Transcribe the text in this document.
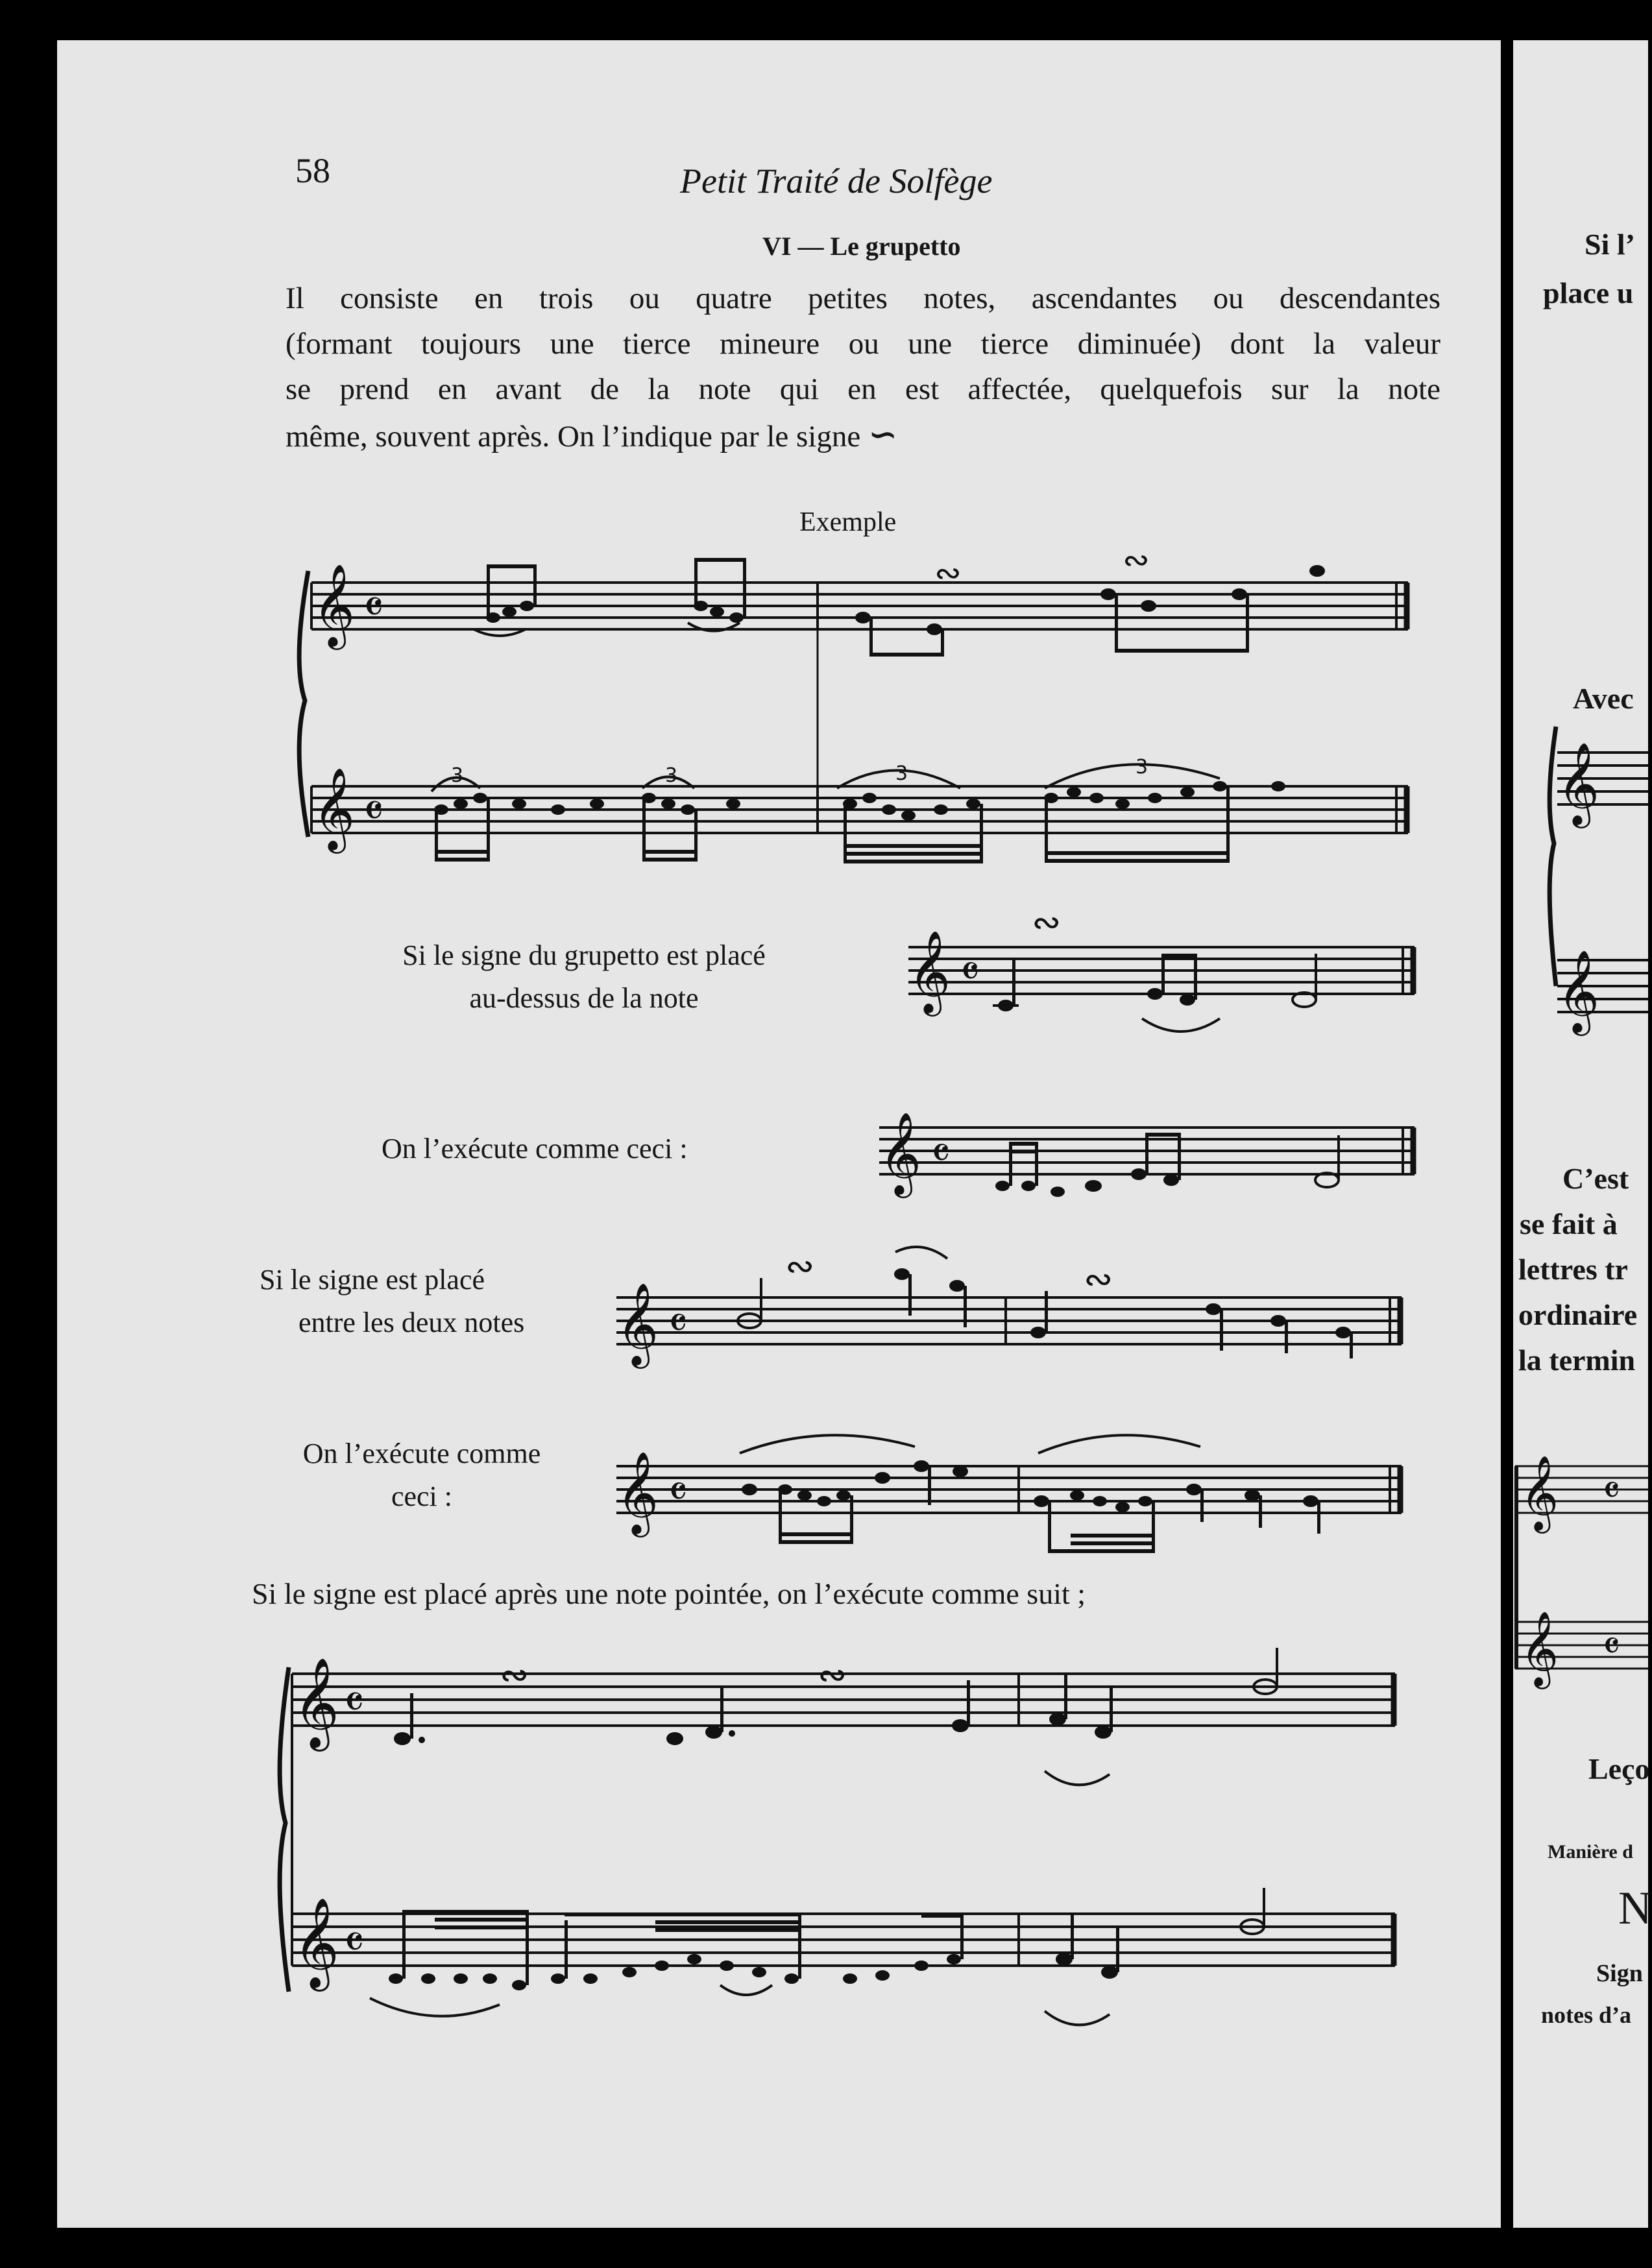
58	Petit Traité de Solfège
VI — Le grupetto
Il consiste en trois ou quatre petites notes, ascendantes ou descendantes
(formant toujours une tierce mineure ou une tierce diminuée) dont la valeur
se prend en avant de la note qui en est affectée, quelquefois sur la note
même, souvent après. On l’indique par le signe ∽
Exemple
𝄞
𝄞
𝄴
𝄴
∾	∾
3	3	3	3
Si le signe du grupetto est placé
au-dessus de la note	𝄞 𝄴
∾
On l’exécute comme ceci :	𝄞 𝄴
Si le signe est placé
entre les deux notes 𝄞 𝄴
∾	∾
On l’exécute comme
ceci :	𝄞 𝄴
Si le signe est placé après une note pointée, on l’exécute comme suit ;
𝄞
𝄞
𝄴
𝄴
∾	∾
Si l’
place u
Avec
C’est
se fait à
lettres tr
ordinaire
la termin
Leço
Manière d
N
Sign
notes d’a
𝄞
𝄞
𝄞
𝄞
𝄴
𝄴
